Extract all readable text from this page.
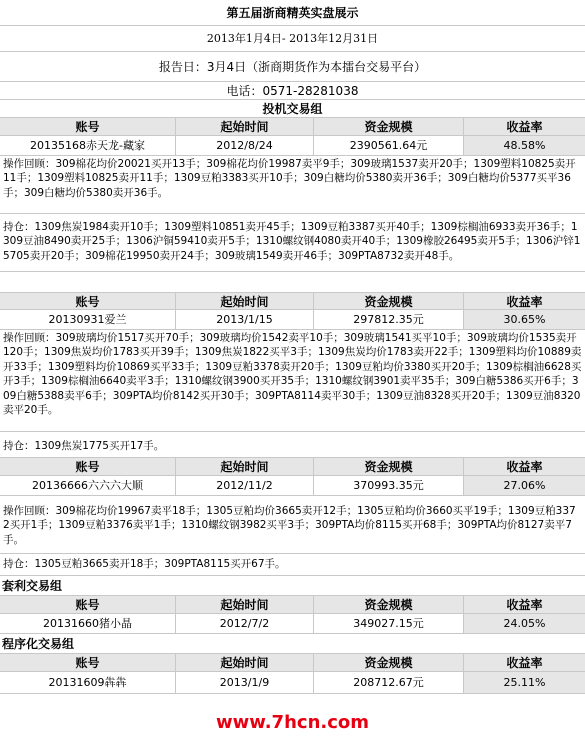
第五届浙商精英实盘展示
2013年1月4日- 2013年12月31日
报告日：3月4日（浙商期货作为本擂台交易平台）
电话：0571-28281038
投机交易组
账号	起始时间	资金规模	收益率
20135168赤天龙-藏家	2012/8/24	2390561.64元	48.58%
操作回顾：309棉花均价20021买开13手；309棉花均价19987卖平9手；309玻璃1537卖开20手；1309塑料10825卖开11手；1309塑料10825卖开11手；1309豆粕3383买开10手；309白糖均价5380卖开36手；309白糖均价5377买平36手；309白糖均价5380卖开36手。
持仓：1309焦炭1984卖开10手；1309塑料10851卖开45手；1309豆粕3387买开40手；1309棕榈油6933卖开36手；1309豆油8490卖开25手；1306沪铜59410卖开5手；1310螺纹钢4080卖开40手；1309橡胶26495卖开5手；1306沪锌15705卖开20手；309棉花19950卖开24手；309玻璃1549卖开46手；309PTA8732卖开48手。
账号	起始时间	资金规模	收益率
20130931爱兰	2013/1/15	297812.35元	30.65%
操作回顾：309玻璃均价1517买开70手；309玻璃均价1542卖平10手；309玻璃1541买平10手；309玻璃均价1535卖开120手；1309焦炭均价1783买开39手；1309焦炭1822买平3手；1309焦炭均价1783卖开22手；1309塑料均价10889卖开33手；1309塑料均价10869买平33手；1309豆粕3378卖开20手；1309豆粕均价3380买开20手；1309棕榈油6628买开3手；1309棕榈油6640卖平3手；1310螺纹钢3900买开35手；1310螺纹钢3901卖平35手；309白糖5386买开6手；309白糖5388卖平6手；309PTA均价8142买开30手；309PTA8114卖平30手；1309豆油8328买开20手；1309豆油8320卖平20手。
持仓：1309焦炭1775买开17手。
账号	起始时间	资金规模	收益率
20136666六六六大顺	2012/11/2	370993.35元	27.06%
操作回顾：309棉花均价19967卖平18手；1305豆粕均价3665卖开12手；1305豆粕均价3660买平19手；1309豆粕3372买开1手；1309豆粕3376卖平1手；1310螺纹钢3982买平3手；309PTA均价8115买开68手；309PTA均价8127卖平7手。
持仓：1305豆粕3665卖开18手；309PTA8115买开67手。
套利交易组
账号	起始时间	资金规模	收益率
20131660猪小晶	2012/7/2	349027.15元	24.05%
程序化交易组
账号	起始时间	资金规模	收益率
20131609犇犇	2013/1/9	208712.67元	25.11%
www.7hcn.com
